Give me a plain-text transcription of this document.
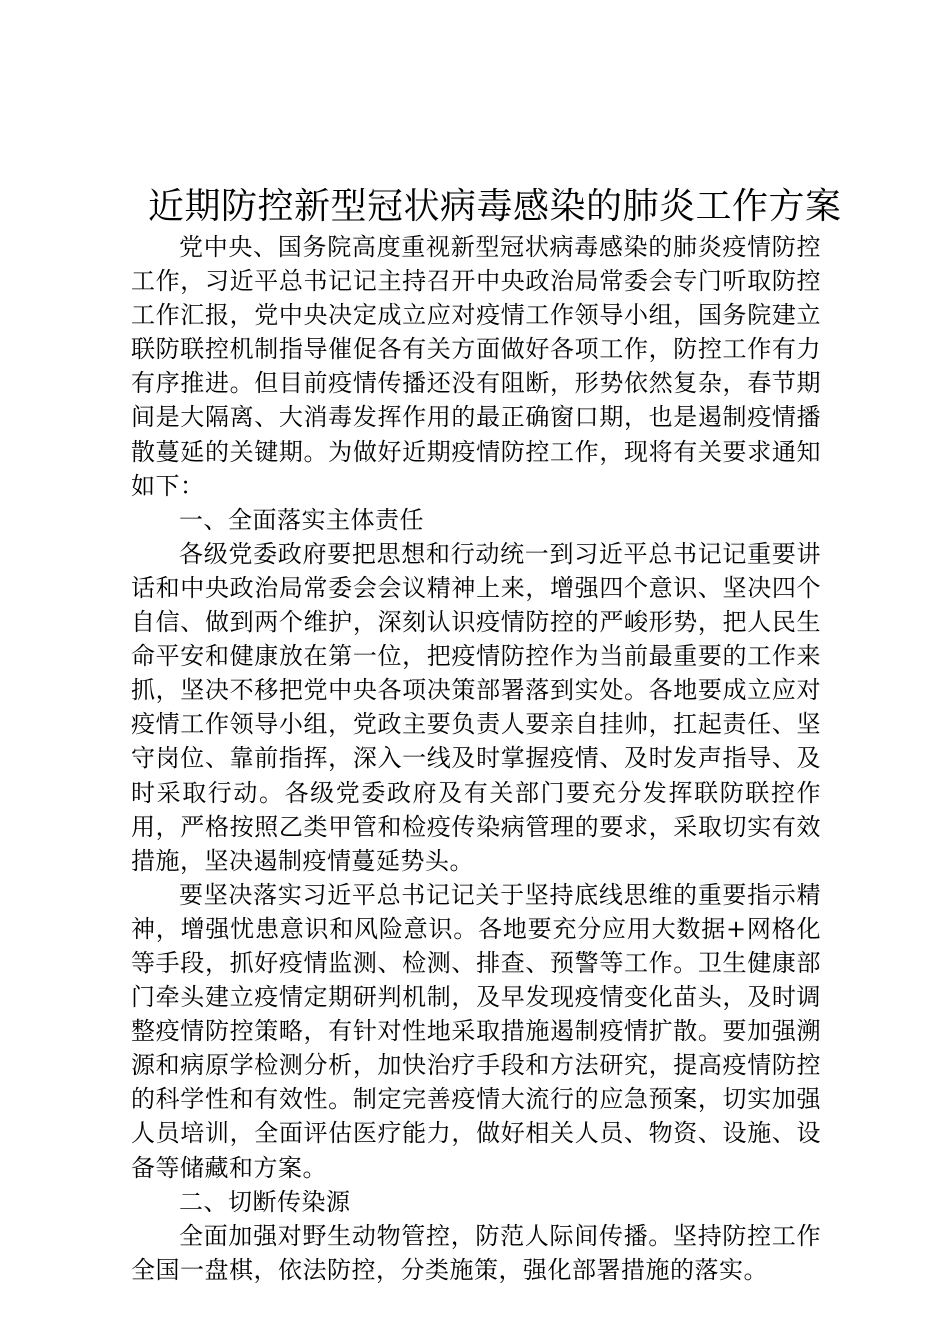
近期防控新型冠状病毒感染的肺炎工作方案

党中央、国务院高度重视新型冠状病毒感染的肺炎疫情防控工作，习近平总书记记主持召开中央政治局常委会专门听取防控工作汇报，党中央决定成立应对疫情工作领导小组，国务院建立联防联控机制指导催促各有关方面做好各项工作，防控工作有力有序推进。但目前疫情传播还没有阻断，形势依然复杂，春节期间是大隔离、大消毒发挥作用的最正确窗口期，也是遏制疫情播散蔓延的关键期。为做好近期疫情防控工作，现将有关要求通知如下：

一、全面落实主体责任

各级党委政府要把思想和行动统一到习近平总书记记重要讲话和中央政治局常委会会议精神上来，增强四个意识、坚决四个自信、做到两个维护，深刻认识疫情防控的严峻形势，把人民生命平安和健康放在第一位，把疫情防控作为当前最重要的工作来抓，坚决不移把党中央各项决策部署落到实处。各地要成立应对疫情工作领导小组，党政主要负责人要亲自挂帅，扛起责任、坚守岗位、靠前指挥，深入一线及时掌握疫情、及时发声指导、及时采取行动。各级党委政府及有关部门要充分发挥联防联控作用，严格按照乙类甲管和检疫传染病管理的要求，采取切实有效措施，坚决遏制疫情蔓延势头。

要坚决落实习近平总书记记关于坚持底线思维的重要指示精神，增强忧患意识和风险意识。各地要充分应用大数据+网格化等手段，抓好疫情监测、检测、排查、预警等工作。卫生健康部门牵头建立疫情定期研判机制，及早发现疫情变化苗头，及时调整疫情防控策略，有针对性地采取措施遏制疫情扩散。要加强溯源和病原学检测分析，加快治疗手段和方法研究，提高疫情防控的科学性和有效性。制定完善疫情大流行的应急预案，切实加强人员培训，全面评估医疗能力，做好相关人员、物资、设施、设备等储藏和方案。

二、切断传染源

全面加强对野生动物管控，防范人际间传播。坚持防控工作全国一盘棋，依法防控，分类施策，强化部署措施的落实。
